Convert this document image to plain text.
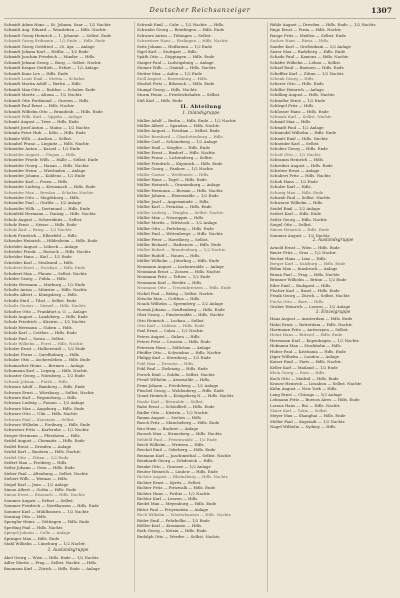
Deutscher Reichsanzeiger	1307
Schmidt Adam Hans — St. Johann, Saar — 1/2 Nachtr.
Schmidt Aug. Eduard — Wanzleben — Hdls. Nachtr.
Schmidt Georg Heinrich — 1. Johannt. — Selbst. Ende
Schmidt Georg Erdmann — 1/2 Ende — Hdls. Ende
Schmidt Georg Gottfried — 20. Apr. — Anlage
Schmidt Johann Karl — Heilbr. — 1/2 Ende
Schmidt Joachim Friedrich — Minder. — Hdls.
Schmidt Johann Georg — Burg. — Selbst. Nachtr.
Schmidt Kaspar Gottlieb — Erfurt — 1/2 Anlage
Schmidt Kunz Leo — Hdls. Ende
Schmidt Louis Emil — Stettin — Schuhw.
Schmidt Martin Adolf — Berlin — Hdls.
Schmidt Max Otto — Ratibor — Schuhw. Ende
Schmidt Moritz — Altona — 1/2 Nachtr.
Schmidt Otto Ferdinand — Gnesen — Hdls.
Schmidt Paul Ernst — Hdls. Nachtr.
Schmidt Wilhelm Otto — Brandenb. — Hdls. Ende
Schmidt Wilh. Karl — Oppeln — Anlage
Schmitt August — Trier — Hdls. Ende
Schmitt Josef Anton — Mainz — 1/2 Nachtr.
Schmitz Peter Hub. — Köln — Hdls. Ende
Schmitz Wilh. — Aachen — Selbst.
Schnabel Franz — Liegnitz — Hdls. Nachtr.
Schneider Anton — Kassel — 1/2 Ende
Schneider August — Glogau — Hdls.
Schneider Friedr. Wilh. — Halle — Selbst. Ende
Schneider Georg — Hanau — Hdls. Nachtr.
Schneider Heinr. — Wiesbaden — Anlage
Schneider Johann — Koblenz — 1/2 Ende
Schneider Karl — Posen — Hdls.
Schneider Ludwig — Kreuznach — Hdls. Ende
Schneider Max — Breslau — Schuhw. Nachtr.
Schneider Otto — Magdeburg — Hdls.
Schneider Paul — Görlitz — 1/2 Anlage
Schneider Wilh. — Dortmund — Hdls. Ende
Schönfeld Hermann — Danzig — Hdls. Nachtr.
Scholz August — Schweidnitz — Selbst.
Scholz Ernst — Neisse — Hdls. Ende
Scholz Karl — Brieg — 1/2 Nachtr.
Schott Friedrich — Elberfeld — Hdls.
Schrader Heinrich — Hildesheim — Hdls. Ende
Schröder August — Lübeck — Anlage
Schröder Friedr. — Rostock — Hdls. Nachtr.
Schröder Hans — Kiel — 1/2 Ende
Schröder Karl — Stralsund — Hdls.
Schubert Ernst — Zwickau — Hdls. Ende
Schubert Max — Plauen — Selbst. Nachtr.
Schüler Georg — Fulda — Hdls.
Schütz Hermann — Marburg — 1/2 Ende
Schulte Anton — Münster — Hdls. Nachtr.
Schultz Albert — Königsberg — Hdls.
Schultz Emil — Tilsit — Selbst. Ende
Schultz Gustav — Memel — Hdls. Nachtr.
Schultze Otto — Frankfurt a. O. — Anlage
Schulz August — Landsberg — Hdls. Ende
Schulz Friedrich — Küstrin — 1/2 Nachtr.
Schulz Hermann — Guben — Hdls.
Schulz Karl — Cottbus — Hdls. Ende
Schulz Paul — Sorau — Selbst.
Schulz Wilhelm — Forst — Hdls. Nachtr.
Schulze Ernst — Halberstadt — 1/2 Ende
Schulze Franz — Quedlinburg — Hdls.
Schulze Otto — Aschersleben — Hdls. Ende
Schumacher Heinr. — Bremen — Anlage
Schumann Karl — Leipzig — Hdls. Nachtr.
Schuster Georg — Nürnberg — 1/2 Ende
Schwab Johann — Fürth — Hdls.
Schwarz Adolf — Bamberg — Hdls. Ende
Schwarz Ernst — Würzburg — Selbst. Nachtr.
Schwarz Karl — Regensburg — Hdls.
Schwarz Ludwig — Passau — 1/2 Anlage
Schwarz Max — Augsburg — Hdls. Ende
Schwarz Otto — Ulm — Hdls. Nachtr.
Schwarz Paul — Konstanz — Selbst.
Schwarz Wilhelm — Freiburg — Hdls. Ende
Schweizer Fritz — Karlsruhe — 1/2 Nachtr.
Seeger Hermann — Pforzheim — Hdls.
Seidel August — Chemnitz — Hdls. Ende
Seidel Ernst — Dresden — Anlage
Seidel Karl — Bautzen — Hdls. Nachtr.
Seidel Otto — Zittau — 1/2 Ende
Seifert Max — Freiberg — Hdls.
Seiler Johann — Gera — Hdls. Ende
Sieber Paul — Altenburg — Selbst. Nachtr.
Siebert Wilh. — Weimar — Hdls.
Siegel Karl — Jena — 1/2 Anlage
Simon Albert — Gotha — Hdls. Ende
Simon Ernst — Eisenach — Hdls. Nachtr.
Sommer August — Erfurt — Selbst.
Sommer Friedrich — Nordhausen — Hdls. Ende
Sommer Karl — Mühlhausen — 1/2 Nachtr.
Sonntag Otto — Hdls.
Spengler Heinr. — Göttingen — Hdls. Ende
Sperling Paul — Hdls. Nachtr.
Spiegel Johann — Celle — Anlage
Springer Max — Hdls. Ende
Stahl Wilhelm — Lüneburg — 1/2 Nachtr.
2. Auslandsgruppe
Abel Georg — Wien — Hdls. Ende — 1/2 Nachtr.
Adler Moritz — Prag — Selbst. Nachtr. — Hdls.
Baumann Karl — Zürich — Hdls. Ende — Anlage
Schwab Emil — Calw — 1/2 Nachtr. — Hdls.
Schwabe Georg — Reutlingen — Hdls. Ende
Schwarz Anton — Tübingen — Selbst.
Schweitzer Hans — Esslingen — Hdls. Nachtr.
Seitz Johann — Heilbronn — 1/2 Ende
Sigel Karl — Stuttgart — Hdls.
Späth Otto — Göppingen — Hdls. Ende
Staiger Paul — Ludwigsburg — Anlage
Steiner Wilh. — Gmünd — Hdls. Nachtr.
Stetter Max — Aalen — 1/2 Ende
Stoll August — Ravensburg — Hdls.
Strobel Fritz — Biberach — Hdls. Ende
Stumpf Georg — Hdls. Nachtr.
Sturm Heinr. — Friedrichshafen — Selbst.
Süß Karl — Hdls. Ende
II. Abteilung
1. Inlandsgruppe
Müller Adolf — Berlin — Hdls. Ende — 1/2 Nachtr.
Müller Albert — Spandau — Hdls. Nachtr.
Müller August — Potsdam — Selbst. Ende
Müller Bernhard — Charlottenburg — Hdls.
Müller Carl — Schöneberg — 1/2 Anlage
Müller Emil — Steglitz — Hdls. Ende
Müller Ernst — Rixdorf — Hdls. Nachtr.
Müller Franz — Lichtenberg — Selbst.
Müller Friedrich — Köpenick — Hdls. Ende
Müller Georg — Pankow — 1/2 Nachtr.
Müller Gustav — Weißensee — Hdls.
Müller Hans — Tegel — Hdls. Ende
Müller Heinrich — Oranienburg — Anlage
Müller Hermann — Bernau — Hdls. Nachtr.
Müller Johann — Eberswalde — 1/2 Ende
Müller Josef — Angermünde — Hdls.
Müller Karl — Prenzlau — Hdls. Ende
Müller Ludwig — Templin — Selbst. Nachtr.
Müller Max — Neuruppin — Hdls.
Müller Moritz — Wittstock — 1/2 Anlage
Müller Otto — Perleberg — Hdls. Ende
Müller Paul — Wittenberge — Hdls. Nachtr.
Müller Peter — Havelberg — Selbst.
Müller Richard — Rathenow — Hdls. Ende
Müller Robert — Brandenburg — 1/2 Nachtr.
Müller Rudolf — Nauen — Hdls.
Müller Wilhelm — Jüterbog — Hdls. Ende
Neumann August — Luckenwalde — Anlage
Neumann Ernst — Zossen — Hdls. Nachtr.
Neumann Fritz — Teltow — 1/2 Ende
Neumann Karl — Beelitz — Hdls.
Neumann Otto — Treuenbrietzen — Hdls. Ende
Nickel Paul — Belzig — Selbst. Nachtr.
Nitsche Max — Cottbus — Hdls.
Noack Wilhelm — Spremberg — 1/2 Anlage
Nowak Johann — Senftenberg — Hdls. Ende
Obst Georg — Finsterwalde — Hdls. Nachtr.
Otto Heinrich — Luckau — Selbst.
Otto Karl — Lübben — Hdls. Ende
Paul Ernst — Calau — 1/2 Nachtr.
Peters August — Guben — Hdls.
Peters Fritz — Crossen — Hdls. Ende
Petersen Hans — Züllichau — Anlage
Pfeiffer Otto — Schwiebus — Hdls. Nachtr.
Philipp Karl — Sternberg — 1/2 Ende
Pohl Max — Drossen — Hdls.
Pohl Paul — Zielenzig — Hdls. Ende
Porsch Emil — Soldin — Selbst. Nachtr.
Preuß Wilhelm — Arnswalde — Hdls.
Prinz Johann — Friedeberg — 1/2 Anlage
Püschel Georg — Woldenberg — Hdls. Ende
Quast Heinrich — Königsberg N. — Hdls. Nachtr.
Raabe Karl — Bärwalde — Selbst.
Rabe Ernst — Schönfließ — Hdls. Ende
Radke Otto — Küstrin — 1/2 Nachtr.
Ramm August — Seelow — Hdls.
Rasch Fritz — Müncheberg — Hdls. Ende
Rau Hans — Buckow — Anlage
Rausch Max — Strausberg — Hdls. Nachtr.
Rehfeld Paul — Freienwalde — 1/2 Ende
Reich Wilhelm — Wriezen — Hdls.
Reichel Emil — Oderberg — Hdls. Ende
Reimann Karl — Joachimsthal — Selbst. Nachtr.
Reinhardt Georg — Zehdenick — Hdls.
Reinke Otto — Gransee — 1/2 Anlage
Reuter Heinrich — Lindow — Hdls. Ende
Richter August — Rheinsberg — Hdls. Nachtr.
Richter Ernst — Kyritz — Selbst.
Richter Fritz — Pritzwalk — Hdls. Ende
Richter Hans — Putlitz — 1/2 Nachtr.
Richter Karl — Lenzen — Hdls.
Riedel Max — Meyenburg — Hdls. Ende
Ritter Paul — Freyenstein — Anlage
Roch Wilhelm — Wusterhausen — Hdls. Nachtr.
Röder Emil — Fehrbellin — 1/2 Ende
Rößler Karl — Kremmen — Hdls.
Roth Georg — Ketzin — Hdls. Ende
Rudolph Otto — Werder — Selbst. Nachtr.
Rühle August — Dresden — Hdls. Ende — 1/2 Nachtr.
Ruge Ernst — Pirna — Hdls. Nachtr.
Runge Fritz — Meißen — Selbst. Ende
Sachse Hans — Riesa — Hdls.
Sander Karl — Großenhain — 1/2 Anlage
Sauer Max — Radeberg — Hdls. Ende
Schade Paul — Kamenz — Hdls. Nachtr.
Schäfer Wilhelm — Löbau — Selbst.
Scharf Emil — Bautzen — Hdls. Ende
Scheffler Karl — Zittau — 1/2 Nachtr.
Schenk Georg — Hdls.
Scherer Otto — Hdls. Ende
Schiller Heinrich — Anlage
Schilling August — Hdls. Nachtr.
Schindler Ernst — 1/2 Ende
Schlegel Fritz — Hdls.
Schlosser Hans — Hdls. Ende
Schmalz Karl — Selbst. Nachtr.
Schmid Max — Hdls.
Schmidt Paul — 1/2 Anlage
Schmiedel Wilhelm — Hdls. Ende
Schmitt Emil — Hdls. Nachtr.
Schneider Karl — Selbst.
Schober Georg — Hdls. Ende
Schott Otto — 1/2 Nachtr.
Schramm Heinrich — Hdls.
Schreiber August — Hdls. Ende
Schröter Ernst — Anlage
Schubert Fritz — Hdls. Nachtr.
Schuh Hans — 1/2 Ende
Schulze Karl — Hdls.
Schurig Max — Hdls. Ende
Schwab Paul — Selbst. Nachtr.
Schwarze Wilhelm — Hdls.
Seidel Emil — 1/2 Anlage
Seifert Karl — Hdls. Ende
Seiler Georg — Hdls. Nachtr.
Siegel Otto — Selbst.
Simon Heinrich — Hdls. Ende
Sommer August — 1/2 Nachtr.
2. Auslandsgruppe
Arnold Ernst — Wien — Hdls. Ende
Bauer Fritz — Graz — 1/2 Nachtr.
Becker Hans — Linz — Hdls.
Berger Karl — Salzburg — Hdls. Ende
Böhm Max — Innsbruck — Anlage
Braun Paul — Prag — Hdls. Nachtr.
Brunner Wilhelm — Brünn — 1/2 Ende
Eder Emil — Budapest — Hdls.
Fischer Karl — Basel — Hdls. Ende
Frank Georg — Zürich — Selbst. Nachtr.
Fuchs Otto — Bern — Hdls.
Gruber Heinrich — Luzern — 1/2 Anlage
3. Einzelgruppe
Haas August — Amsterdam — Hdls. Ende
Hahn Ernst — Rotterdam — Hdls. Nachtr.
Hartmann Fritz — Antwerpen — Selbst.
Heinz Hans — Brüssel — Hdls. Ende
Herrmann Karl — Kopenhagen — 1/2 Nachtr.
Hofmann Max — Stockholm — Hdls.
Huber Paul — Kristiania — Hdls. Ende
Jäger Wilhelm — London — Anlage
Kaiser Emil — Paris — Hdls. Nachtr.
Keller Karl — Mailand — 1/2 Ende
Klein Georg — Rom — Hdls.
Koch Otto — Madrid — Hdls. Ende
Krause Heinrich — Lissabon — Selbst. Nachtr.
Kühn August — New York — Hdls.
Lang Ernst — Chicago — 1/2 Anlage
Lehmann Fritz — Buenos Aires — Hdls. Ende
Lorenz Hans — Rio — Hdls. Nachtr.
Maier Karl — Tokio — Selbst.
Meyer Max — Shanghai — Hdls. Ende
Möller Paul — Kapstadt — 1/2 Nachtr.
Nagel Wilhelm — Sydney — Hdls.
